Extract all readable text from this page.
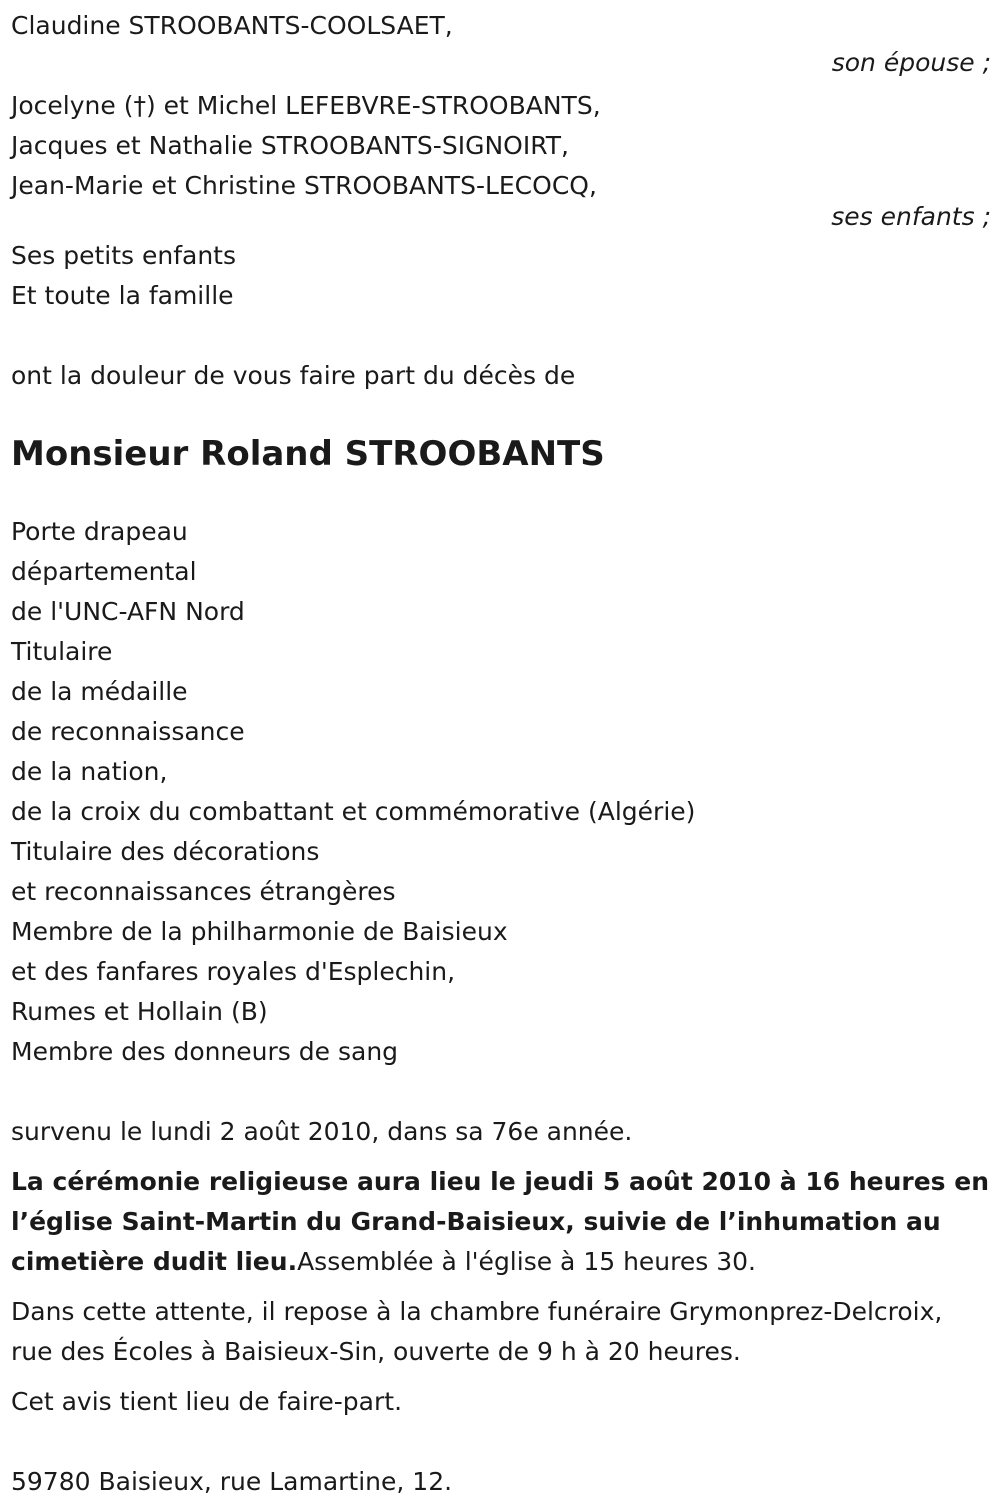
Claudine STROOBANTS-COOLSAET,
son épouse ;
Jocelyne (†) et Michel LEFEBVRE-STROOBANTS,
Jacques et Nathalie STROOBANTS-SIGNOIRT,
Jean-Marie et Christine STROOBANTS-LECOCQ,
ses enfants ;
Ses petits enfants
Et toute la famille
ont la douleur de vous faire part du décès de
Monsieur Roland STROOBANTS
Porte drapeau
départemental
de l'UNC-AFN Nord
Titulaire
de la médaille
de reconnaissance
de la nation,
de la croix du combattant et commémorative (Algérie)
Titulaire des décorations
et reconnaissances étrangères
Membre de la philharmonie de Baisieux
et des fanfares royales d'Esplechin,
Rumes et Hollain (B)
Membre des donneurs de sang
survenu le lundi 2 août 2010, dans sa 76e année.

La cérémonie religieuse aura lieu le jeudi 5 août 2010 à 16 heures en l’église Saint-Martin du Grand-Baisieux, suivie de l’inhumation au cimetière dudit lieu.Assemblée à l'église à 15 heures 30.

Dans cette attente, il repose à la chambre funéraire Grymonprez-Delcroix, rue des Écoles à Baisieux-Sin, ouverte de 9 h à 20 heures.

Cet avis tient lieu de faire-part.
59780 Baisieux, rue Lamartine, 12.
